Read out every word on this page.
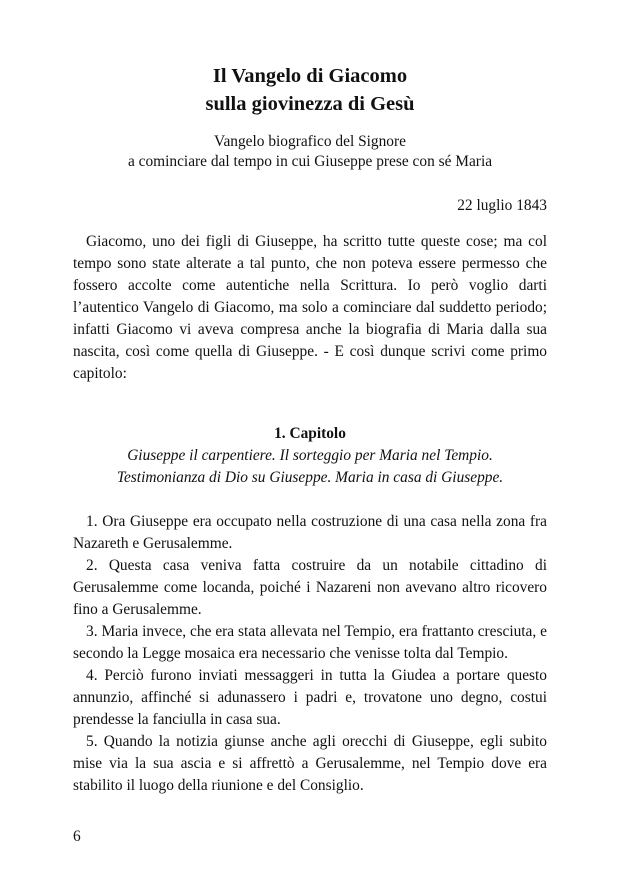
Il Vangelo di Giacomo
sulla giovinezza di Gesù
Vangelo biografico del Signore
a cominciare dal tempo in cui Giuseppe prese con sé Maria
22 luglio 1843

Giacomo, uno dei figli di Giuseppe, ha scritto tutte queste cose; ma col tempo sono state alterate a tal punto, che non poteva essere permesso che fossero accolte come autentiche nella Scrittura. Io però voglio darti l’autentico Vangelo di Giacomo, ma solo a cominciare dal suddetto periodo; infatti Giacomo vi aveva compresa anche la biografia di Maria dalla sua nascita, così come quella di Giuseppe. - E così dunque scrivi come primo capitolo:

1. Capitolo
Giuseppe il carpentiere. Il sorteggio per Maria nel Tempio.
Testimonianza di Dio su Giuseppe. Maria in casa di Giuseppe.

1. Ora Giuseppe era occupato nella costruzione di una casa nella zona fra Nazareth e Gerusalemme.

2. Questa casa veniva fatta costruire da un notabile cittadino di Gerusalemme come locanda, poiché i Nazareni non avevano altro ricovero fino a Gerusalemme.

3. Maria invece, che era stata allevata nel Tempio, era frattanto cresciuta, e secondo la Legge mosaica era necessario che venisse tolta dal Tempio.

4. Perciò furono inviati messaggeri in tutta la Giudea a portare questo annunzio, affinché si adunassero i padri e, trovatone uno degno, costui prendesse la fanciulla in casa sua.

5. Quando la notizia giunse anche agli orecchi di Giuseppe, egli subito mise via la sua ascia e si affrettò a Gerusalemme, nel Tempio dove era stabilito il luogo della riunione e del Consiglio.

6
